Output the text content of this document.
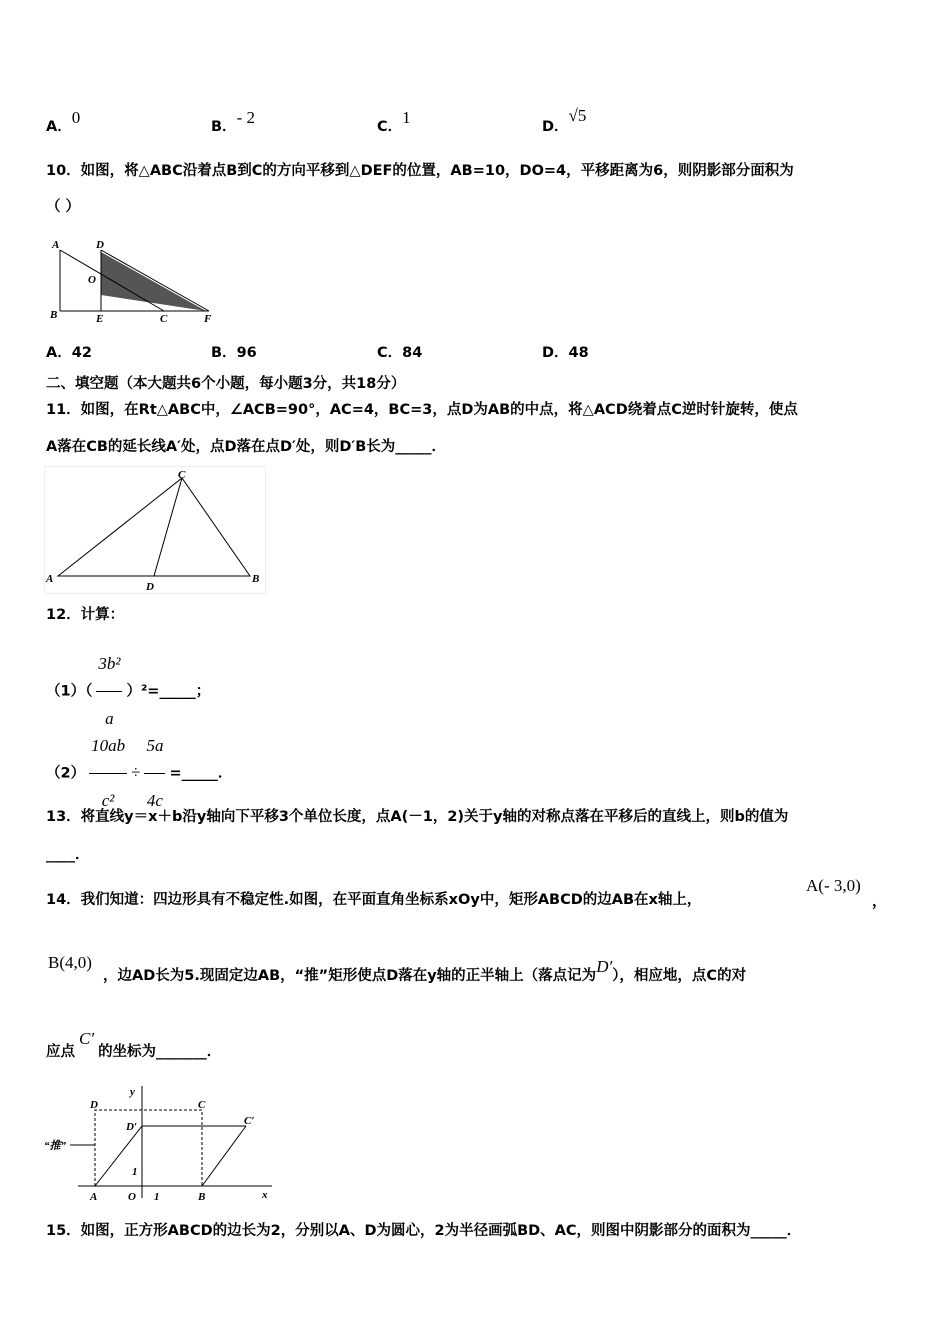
A．0	B．- 2	C．1	D．√5
10．如图，将△ABC沿着点B到C的方向平移到△DEF的位置，AB=10，DO=4，平移距离为6，则阴影部分面积为
（ ）
A	D
O
B	E	C	F
A．42	B．96	C．84	D．48
二、填空题（本大题共6个小题，每小题3分，共18分）
11．如图，在Rt△ABC中，∠ACB=90°，AC=4，BC=3，点D为AB的中点，将△ACD绕着点C逆时针旋转，使点
A落在CB的延长线A′处，点D落在点D′处，则D′B长为_____．
C
A
D
B
12．计算：
$(1)( \frac{\text{3b²}}{a}$ ）²=_____；
$(2) \frac{10ab}{\text{c²}} \div \frac{5a}{4c}$ =_____．
13．将直线y＝x＋b沿y轴向下平移3个单位长度，点A(－1，2)关于y轴的对称点落在平移后的直线上，则b的值为
____．
14．我们知道：四边形具有不稳定性.如图，在平面直角坐标系xOy中，矩形ABCD的边AB在x轴上，
A(- 3,0)
，
B(4,0)
，边AD长为5.现固定边AB，“推”矩形使点D落在y轴的正半轴上（落点记为D′），相应地，点C的对
应点C′的坐标为_______．
y
D	C
D′	C′
“推”
1
A	O 1	B	x
15．如图，正方形ABCD的边长为2，分别以A、D为圆心，2为半径画弧BD、AC，则图中阴影部分的面积为_____．
